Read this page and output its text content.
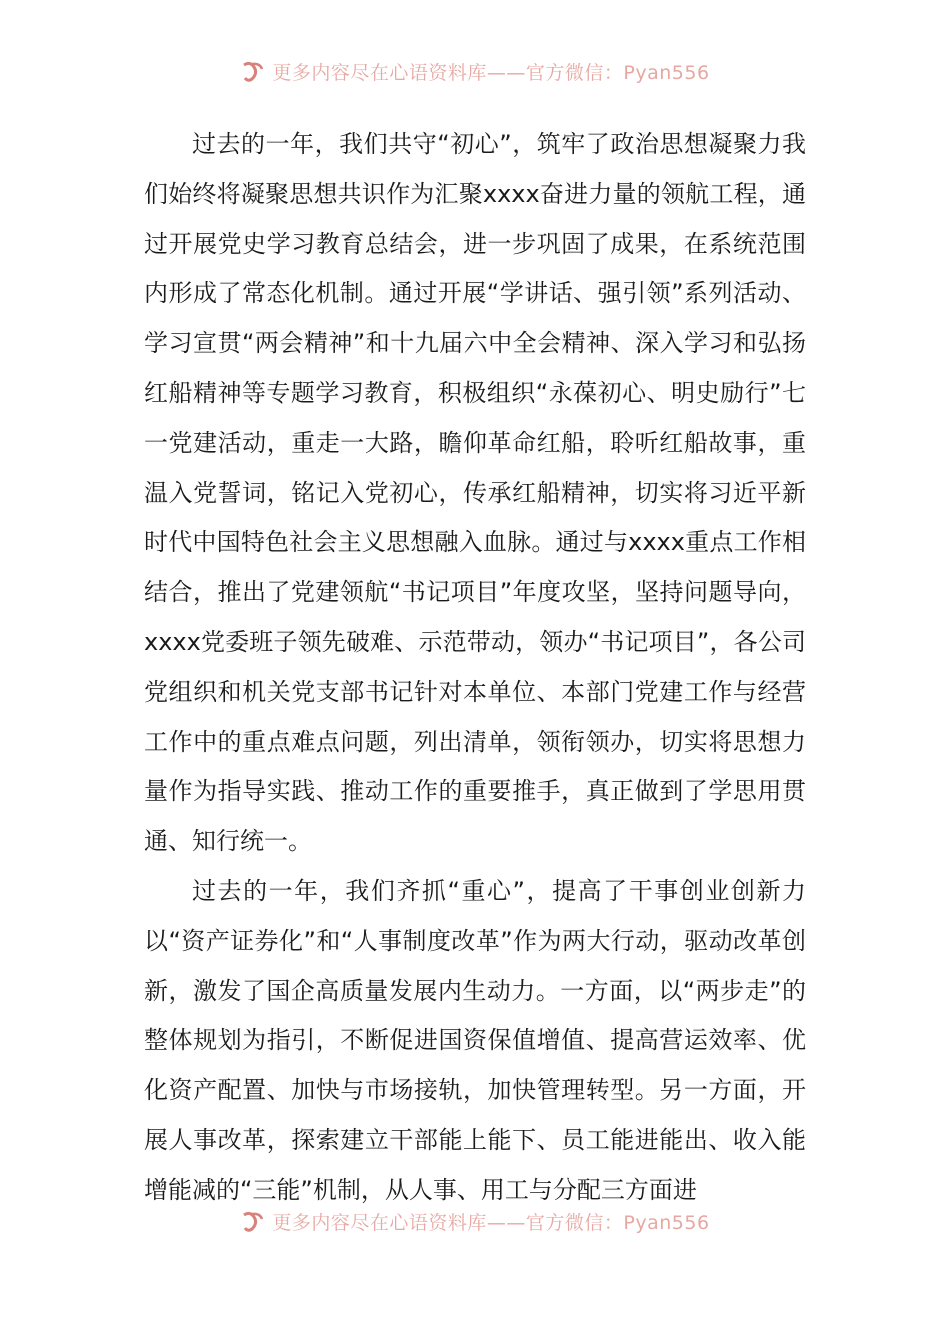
更多内容尽在心语资料库——官方微信：Pyan556

过去的一年，我们共守“初心”，筑牢了政治思想凝聚力我们始终将凝聚思想共识作为汇聚xxxx奋进力量的领航工程，通过开展党史学习教育总结会，进一步巩固了成果，在系统范围内形成了常态化机制。通过开展“学讲话、强引领”系列活动、学习宣贯“两会精神”和十九届六中全会精神、深入学习和弘扬红船精神等专题学习教育，积极组织“永葆初心、明史励行”七一党建活动，重走一大路，瞻仰革命红船，聆听红船故事，重温入党誓词，铭记入党初心，传承红船精神，切实将习近平新时代中国特色社会主义思想融入血脉。通过与xxxx重点工作相结合，推出了党建领航“书记项目”年度攻坚，坚持问题导向，xxxx党委班子领先破难、示范带动，领办“书记项目”，各公司党组织和机关党支部书记针对本单位、本部门党建工作与经营工作中的重点难点问题，列出清单，领衔领办，切实将思想力量作为指导实践、推动工作的重要推手，真正做到了学思用贯通、知行统一。

过去的一年，我们齐抓“重心”，提高了干事创业创新力以“资产证券化”和“人事制度改革”作为两大行动，驱动改革创新，激发了国企高质量发展内生动力。一方面，以“两步走”的整体规划为指引，不断促进国资保值增值、提高营运效率、优化资产配置、加快与市场接轨，加快管理转型。另一方面，开展人事改革，探索建立干部能上能下、员工能进能出、收入能增能减的“三能”机制，从人事、用工与分配三方面进

更多内容尽在心语资料库——官方微信：Pyan556
